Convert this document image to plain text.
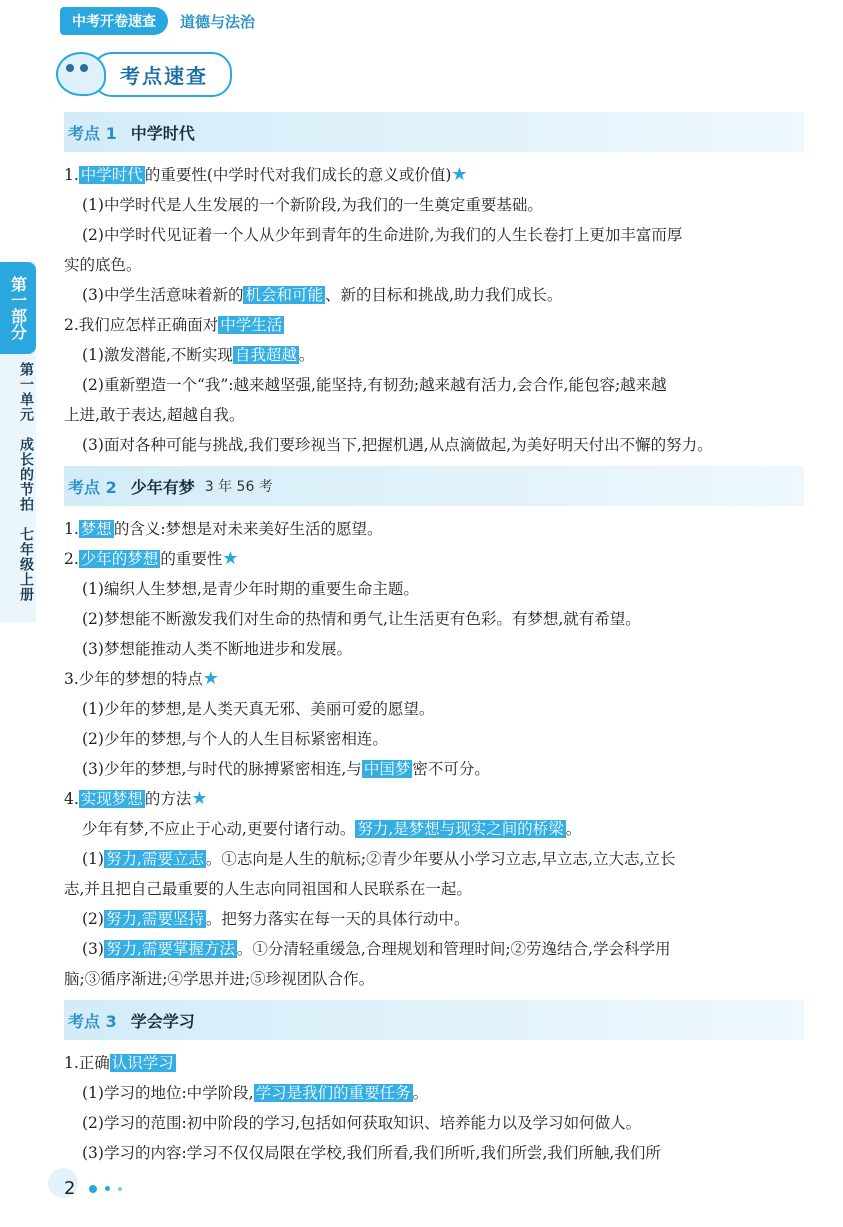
中考开卷速查	道德与法治
考点速查
第一部分
第一单元　成长的节拍　七年级上册
考点 1 中学时代
1. 中学时代 的重要性(中学时代对我们成长的意义或价值)★
(1)中学时代是人生发展的一个新阶段,为我们的一生奠定重要基础。
(2)中学时代见证着一个人从少年到青年的生命进阶,为我们的人生长卷打上更加丰富而厚
实的底色。
(3)中学生活意味着新的 机会和可能 、新的目标和挑战,助力我们成长。
2.我们应怎样正确面对 中学生活
(1)激发潜能,不断实现 自我超越 。
(2)重新塑造一个“我”:越来越坚强,能坚持,有韧劲;越来越有活力,会合作,能包容;越来越
上进,敢于表达,超越自我。
(3)面对各种可能与挑战,我们要珍视当下,把握机遇,从点滴做起,为美好明天付出不懈的努力。
考点 2 少年有梦 3 年 56 考
1. 梦想 的含义:梦想是对未来美好生活的愿望。
2. 少年的梦想 的重要性★
(1)编织人生梦想,是青少年时期的重要生命主题。
(2)梦想能不断激发我们对生命的热情和勇气,让生活更有色彩。有梦想,就有希望。
(3)梦想能推动人类不断地进步和发展。
3.少年的梦想的特点★
(1)少年的梦想,是人类天真无邪、美丽可爱的愿望。
(2)少年的梦想,与个人的人生目标紧密相连。
(3)少年的梦想,与时代的脉搏紧密相连,与 中国梦 密不可分。
4. 实现梦想 的方法★
少年有梦,不应止于心动,更要付诸行动。 努力,是梦想与现实之间的桥梁 。
(1) 努力,需要立志 。①志向是人生的航标;②青少年要从小学习立志,早立志,立大志,立长
志,并且把自己最重要的人生志向同祖国和人民联系在一起。
(2) 努力,需要坚持 。把努力落实在每一天的具体行动中。
(3) 努力,需要掌握方法 。①分清轻重缓急,合理规划和管理时间;②劳逸结合,学会科学用
脑;③循序渐进;④学思并进;⑤珍视团队合作。
考点 3 学会学习
1.正确 认识学习
(1)学习的地位:中学阶段, 学习是我们的重要任务 。
(2)学习的范围:初中阶段的学习,包括如何获取知识、培养能力以及学习如何做人。
(3)学习的内容:学习不仅仅局限在学校,我们所看,我们所听,我们所尝,我们所触,我们所
2
